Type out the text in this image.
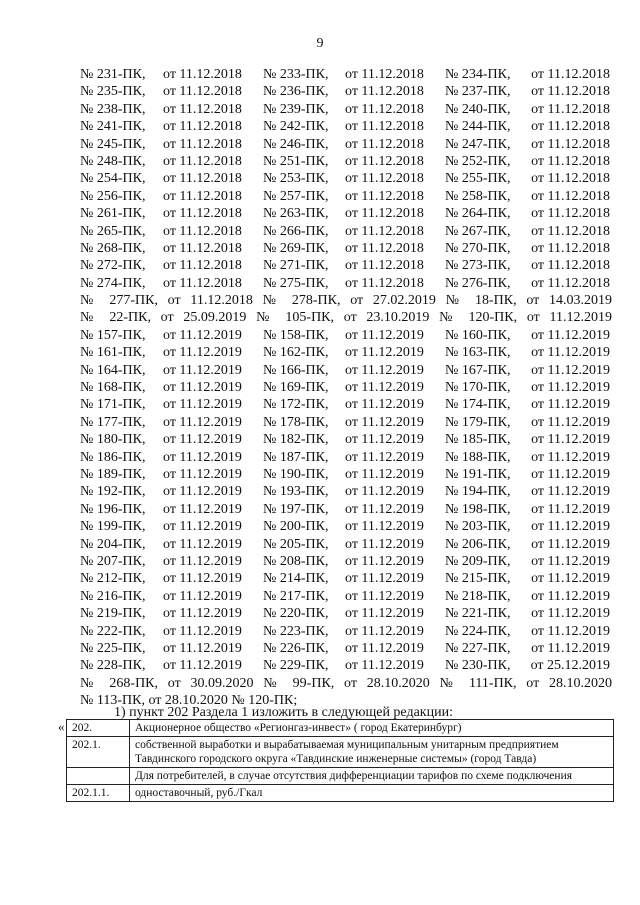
9
№ 231-ПК, от 11.12.2018 № 233-ПК, от 11.12.2018 № 234-ПК, от 11.12.2018
№ 235-ПК, от 11.12.2018 № 236-ПК, от 11.12.2018 № 237-ПК, от 11.12.2018
№ 238-ПК, от 11.12.2018 № 239-ПК, от 11.12.2018 № 240-ПК, от 11.12.2018
№ 241-ПК, от 11.12.2018 № 242-ПК, от 11.12.2018 № 244-ПК, от 11.12.2018
№ 245-ПК, от 11.12.2018 № 246-ПК, от 11.12.2018 № 247-ПК, от 11.12.2018
№ 248-ПК, от 11.12.2018 № 251-ПК, от 11.12.2018 № 252-ПК, от 11.12.2018
№ 254-ПК, от 11.12.2018 № 253-ПК, от 11.12.2018 № 255-ПК, от 11.12.2018
№ 256-ПК, от 11.12.2018 № 257-ПК, от 11.12.2018 № 258-ПК, от 11.12.2018
№ 261-ПК, от 11.12.2018 № 263-ПК, от 11.12.2018 № 264-ПК, от 11.12.2018
№ 265-ПК, от 11.12.2018 № 266-ПК, от 11.12.2018 № 267-ПК, от 11.12.2018
№ 268-ПК, от 11.12.2018 № 269-ПК, от 11.12.2018 № 270-ПК, от 11.12.2018
№ 272-ПК, от 11.12.2018 № 271-ПК, от 11.12.2018 № 273-ПК, от 11.12.2018
№ 274-ПК, от 11.12.2018 № 275-ПК, от 11.12.2018 № 276-ПК, от 11.12.2018
№ 277-ПК, от 11.12.2018 № 278-ПК, от 27.02.2019 № 18-ПК, от 14.03.2019
№ 22-ПК, от 25.09.2019 № 105-ПК, от 23.10.2019 № 120-ПК, от 11.12.2019
№ 157-ПК, от 11.12.2019 № 158-ПК, от 11.12.2019 № 160-ПК, от 11.12.2019
№ 161-ПК, от 11.12.2019 № 162-ПК, от 11.12.2019 № 163-ПК, от 11.12.2019
№ 164-ПК, от 11.12.2019 № 166-ПК, от 11.12.2019 № 167-ПК, от 11.12.2019
№ 168-ПК, от 11.12.2019 № 169-ПК, от 11.12.2019 № 170-ПК, от 11.12.2019
№ 171-ПК, от 11.12.2019 № 172-ПК, от 11.12.2019 № 174-ПК, от 11.12.2019
№ 177-ПК, от 11.12.2019 № 178-ПК, от 11.12.2019 № 179-ПК, от 11.12.2019
№ 180-ПК, от 11.12.2019 № 182-ПК, от 11.12.2019 № 185-ПК, от 11.12.2019
№ 186-ПК, от 11.12.2019 № 187-ПК, от 11.12.2019 № 188-ПК, от 11.12.2019
№ 189-ПК, от 11.12.2019 № 190-ПК, от 11.12.2019 № 191-ПК, от 11.12.2019
№ 192-ПК, от 11.12.2019 № 193-ПК, от 11.12.2019 № 194-ПК, от 11.12.2019
№ 196-ПК, от 11.12.2019 № 197-ПК, от 11.12.2019 № 198-ПК, от 11.12.2019
№ 199-ПК, от 11.12.2019 № 200-ПК, от 11.12.2019 № 203-ПК, от 11.12.2019
№ 204-ПК, от 11.12.2019 № 205-ПК, от 11.12.2019 № 206-ПК, от 11.12.2019
№ 207-ПК, от 11.12.2019 № 208-ПК, от 11.12.2019 № 209-ПК, от 11.12.2019
№ 212-ПК, от 11.12.2019 № 214-ПК, от 11.12.2019 № 215-ПК, от 11.12.2019
№ 216-ПК, от 11.12.2019 № 217-ПК, от 11.12.2019 № 218-ПК, от 11.12.2019
№ 219-ПК, от 11.12.2019 № 220-ПК, от 11.12.2019 № 221-ПК, от 11.12.2019
№ 222-ПК, от 11.12.2019 № 223-ПК, от 11.12.2019 № 224-ПК, от 11.12.2019
№ 225-ПК, от 11.12.2019 № 226-ПК, от 11.12.2019 № 227-ПК, от 11.12.2019
№ 228-ПК, от 11.12.2019 № 229-ПК, от 11.12.2019 № 230-ПК, от 25.12.2019
№ 268-ПК, от 30.09.2020 № 99-ПК, от 28.10.2020 № 111-ПК, от 28.10.2020
№ 113-ПК, от 28.10.2020 № 120-ПК;
1) пункт 202 Раздела 1 изложить в следующей редакции:
« 202.	Акционерное общество «Регионгаз-инвест» ( город Екатеринбург)
202.1.	собственной выработки и вырабатываемая муниципальным унитарным предприятием Тавдинского городского округа «Тавдинские инженерные системы» (город Тавда)
	Для потребителей, в случае отсутствия дифференциации тарифов по схеме подключения
202.1.1.	одноставочный, руб./Гкал
